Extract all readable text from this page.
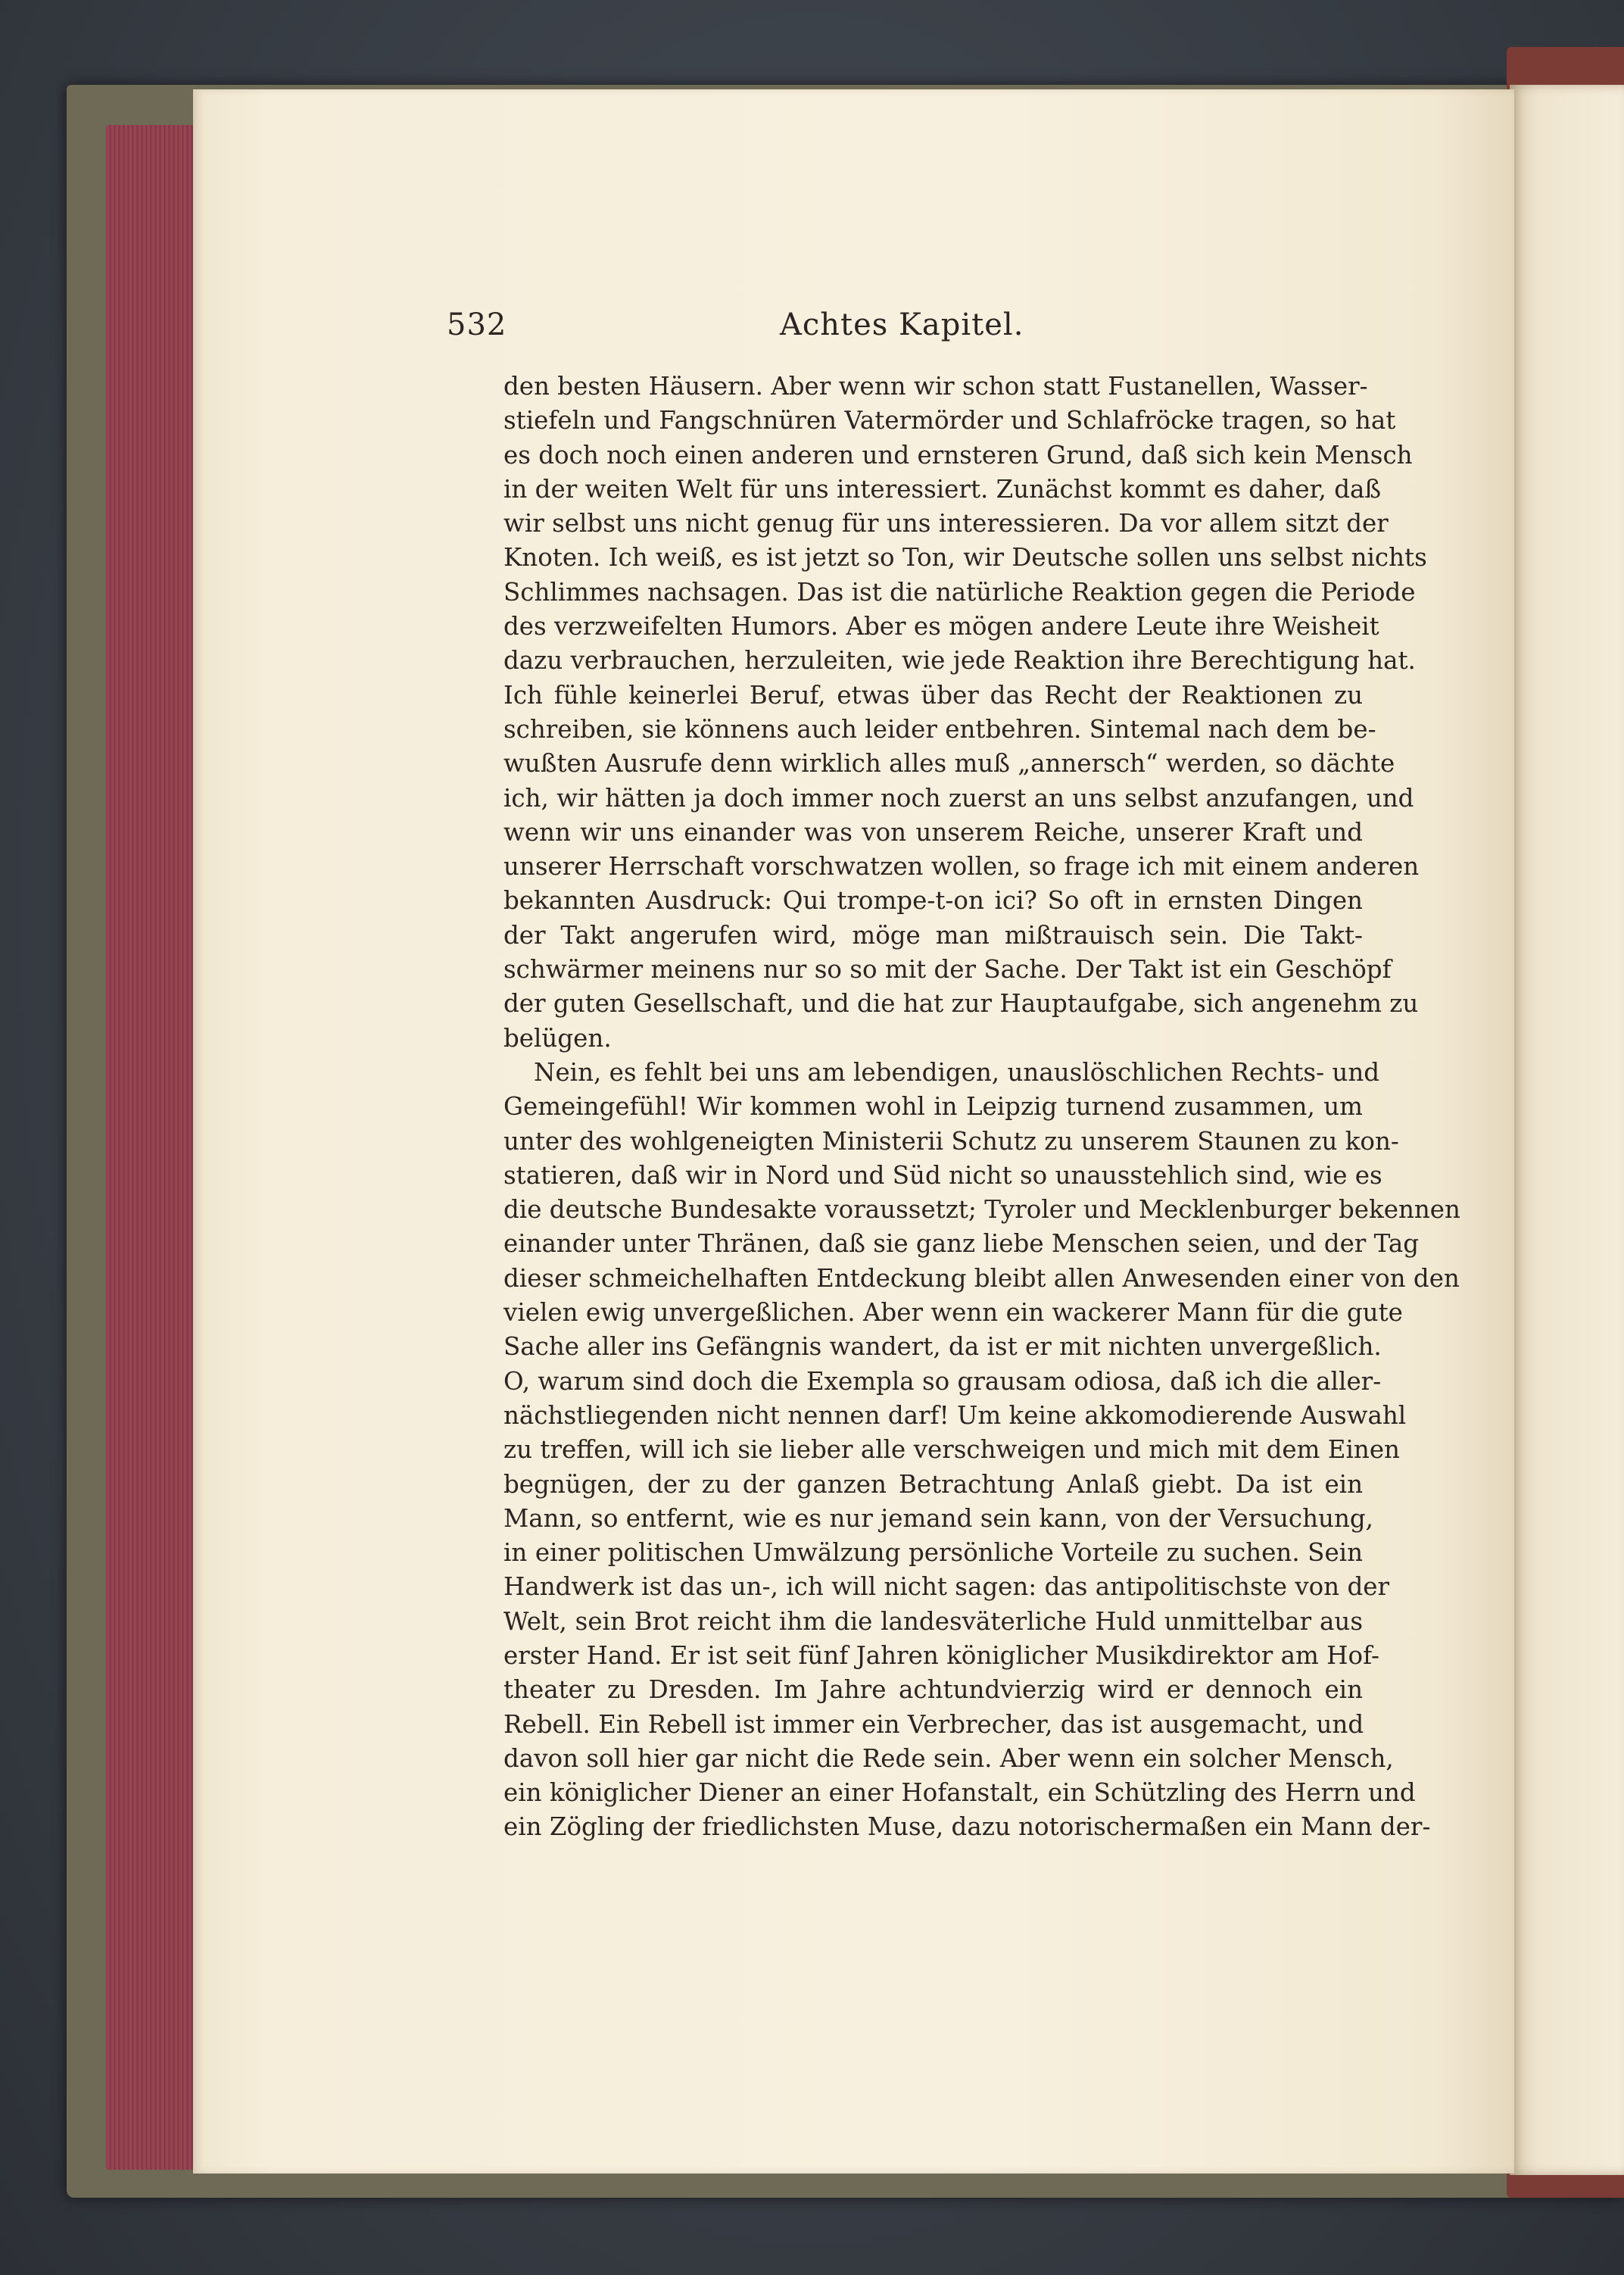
532	Achtes Kapitel.
den besten Häusern. Aber wenn wir schon statt Fustanellen, Wasser-
stiefeln und Fangschnüren Vatermörder und Schlafröcke tragen, so hat
es doch noch einen anderen und ernsteren Grund, daß sich kein Mensch
in der weiten Welt für uns interessiert. Zunächst kommt es daher, daß
wir selbst uns nicht genug für uns interessieren. Da vor allem sitzt der
Knoten. Ich weiß, es ist jetzt so Ton, wir Deutsche sollen uns selbst nichts
Schlimmes nachsagen. Das ist die natürliche Reaktion gegen die Periode
des verzweifelten Humors. Aber es mögen andere Leute ihre Weisheit
dazu verbrauchen, herzuleiten, wie jede Reaktion ihre Berechtigung hat.
Ich fühle keinerlei Beruf, etwas über das Recht der Reaktionen zu
schreiben, sie könnens auch leider entbehren. Sintemal nach dem be-
wußten Ausrufe denn wirklich alles muß „annersch“ werden, so dächte
ich, wir hätten ja doch immer noch zuerst an uns selbst anzufangen, und
wenn wir uns einander was von unserem Reiche, unserer Kraft und
unserer Herrschaft vorschwatzen wollen, so frage ich mit einem anderen
bekannten Ausdruck: Qui trompe-t-on ici? So oft in ernsten Dingen
der Takt angerufen wird, möge man mißtrauisch sein. Die Takt-
schwärmer meinens nur so so mit der Sache. Der Takt ist ein Geschöpf
der guten Gesellschaft, und die hat zur Hauptaufgabe, sich angenehm zu
belügen.
Nein, es fehlt bei uns am lebendigen, unauslöschlichen Rechts- und
Gemeingefühl! Wir kommen wohl in Leipzig turnend zusammen, um
unter des wohlgeneigten Ministerii Schutz zu unserem Staunen zu kon-
statieren, daß wir in Nord und Süd nicht so unausstehlich sind, wie es
die deutsche Bundesakte voraussetzt; Tyroler und Mecklenburger bekennen
einander unter Thränen, daß sie ganz liebe Menschen seien, und der Tag
dieser schmeichelhaften Entdeckung bleibt allen Anwesenden einer von den
vielen ewig unvergeßlichen. Aber wenn ein wackerer Mann für die gute
Sache aller ins Gefängnis wandert, da ist er mit nichten unvergeßlich.
O, warum sind doch die Exempla so grausam odiosa, daß ich die aller-
nächstliegenden nicht nennen darf! Um keine akkomodierende Auswahl
zu treffen, will ich sie lieber alle verschweigen und mich mit dem Einen
begnügen, der zu der ganzen Betrachtung Anlaß giebt. Da ist ein
Mann, so entfernt, wie es nur jemand sein kann, von der Versuchung,
in einer politischen Umwälzung persönliche Vorteile zu suchen. Sein
Handwerk ist das un-, ich will nicht sagen: das antipolitischste von der
Welt, sein Brot reicht ihm die landesväterliche Huld unmittelbar aus
erster Hand. Er ist seit fünf Jahren königlicher Musikdirektor am Hof-
theater zu Dresden. Im Jahre achtundvierzig wird er dennoch ein
Rebell. Ein Rebell ist immer ein Verbrecher, das ist ausgemacht, und
davon soll hier gar nicht die Rede sein. Aber wenn ein solcher Mensch,
ein königlicher Diener an einer Hofanstalt, ein Schützling des Herrn und
ein Zögling der friedlichsten Muse, dazu notorischermaßen ein Mann der-
